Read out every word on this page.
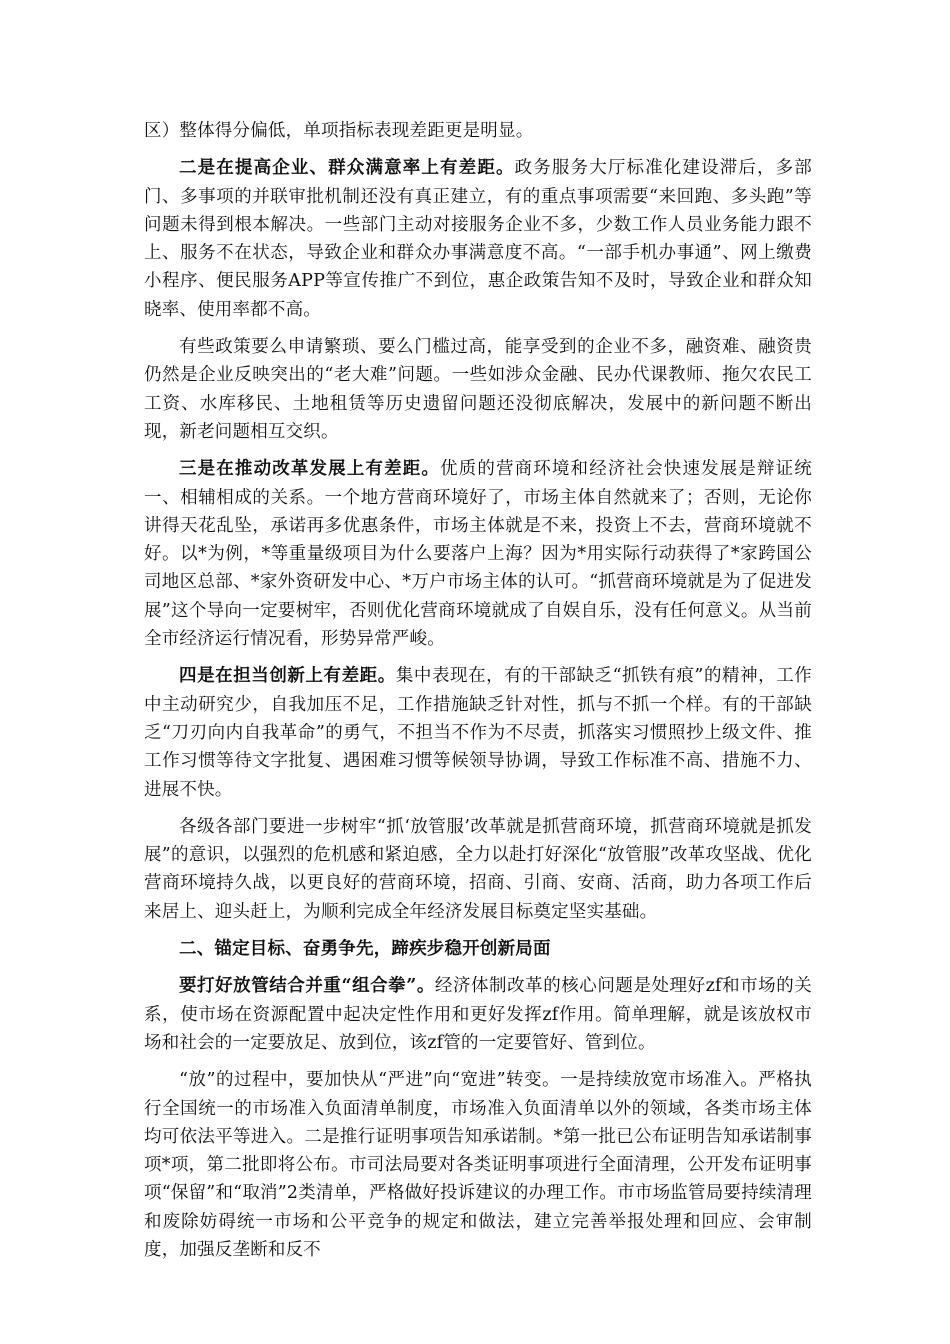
区）整体得分偏低，单项指标表现差距更是明显。

二是在提高企业、群众满意率上有差距。政务服务大厅标准化建设滞后，多部门、多事项的并联审批机制还没有真正建立，有的重点事项需要“来回跑、多头跑”等问题未得到根本解决。一些部门主动对接服务企业不多，少数工作人员业务能力跟不上、服务不在状态，导致企业和群众办事满意度不高。“一部手机办事通”、网上缴费小程序、便民服务APP等宣传推广不到位，惠企政策告知不及时，导致企业和群众知晓率、使用率都不高。

有些政策要么申请繁琐、要么门槛过高，能享受到的企业不多，融资难、融资贵仍然是企业反映突出的“老大难”问题。一些如涉众金融、民办代课教师、拖欠农民工工资、水库移民、土地租赁等历史遗留问题还没彻底解决，发展中的新问题不断出现，新老问题相互交织。

三是在推动改革发展上有差距。优质的营商环境和经济社会快速发展是辩证统一、相辅相成的关系。一个地方营商环境好了，市场主体自然就来了；否则，无论你讲得天花乱坠，承诺再多优惠条件，市场主体就是不来，投资上不去，营商环境就不好。以*为例，*等重量级项目为什么要落户上海？因为*用实际行动获得了*家跨国公司地区总部、*家外资研发中心、*万户市场主体的认可。“抓营商环境就是为了促进发展”这个导向一定要树牢，否则优化营商环境就成了自娱自乐，没有任何意义。从当前全市经济运行情况看，形势异常严峻。

四是在担当创新上有差距。集中表现在，有的干部缺乏“抓铁有痕”的精神，工作中主动研究少，自我加压不足，工作措施缺乏针对性，抓与不抓一个样。有的干部缺乏“刀刃向内自我革命”的勇气，不担当不作为不尽责，抓落实习惯照抄上级文件、推工作习惯等待文字批复、遇困难习惯等候领导协调，导致工作标准不高、措施不力、进展不快。

各级各部门要进一步树牢“抓‘放管服’改革就是抓营商环境，抓营商环境就是抓发展”的意识，以强烈的危机感和紧迫感，全力以赴打好深化“放管服”改革攻坚战、优化营商环境持久战，以更良好的营商环境，招商、引商、安商、活商，助力各项工作后来居上、迎头赶上，为顺利完成全年经济发展目标奠定坚实基础。

二、锚定目标、奋勇争先，蹄疾步稳开创新局面

要打好放管结合并重“组合拳”。经济体制改革的核心问题是处理好zf和市场的关系，使市场在资源配置中起决定性作用和更好发挥zf作用。简单理解，就是该放权市场和社会的一定要放足、放到位，该zf管的一定要管好、管到位。

“放”的过程中，要加快从“严进”向“宽进”转变。一是持续放宽市场准入。严格执行全国统一的市场准入负面清单制度，市场准入负面清单以外的领域，各类市场主体均可依法平等进入。二是推行证明事项告知承诺制。*第一批已公布证明告知承诺制事项*项，第二批即将公布。市司法局要对各类证明事项进行全面清理，公开发布证明事项“保留”和“取消”2类清单，严格做好投诉建议的办理工作。市市场监管局要持续清理和废除妨碍统一市场和公平竞争的规定和做法，建立完善举报处理和回应、会审制度，加强反垄断和反不
